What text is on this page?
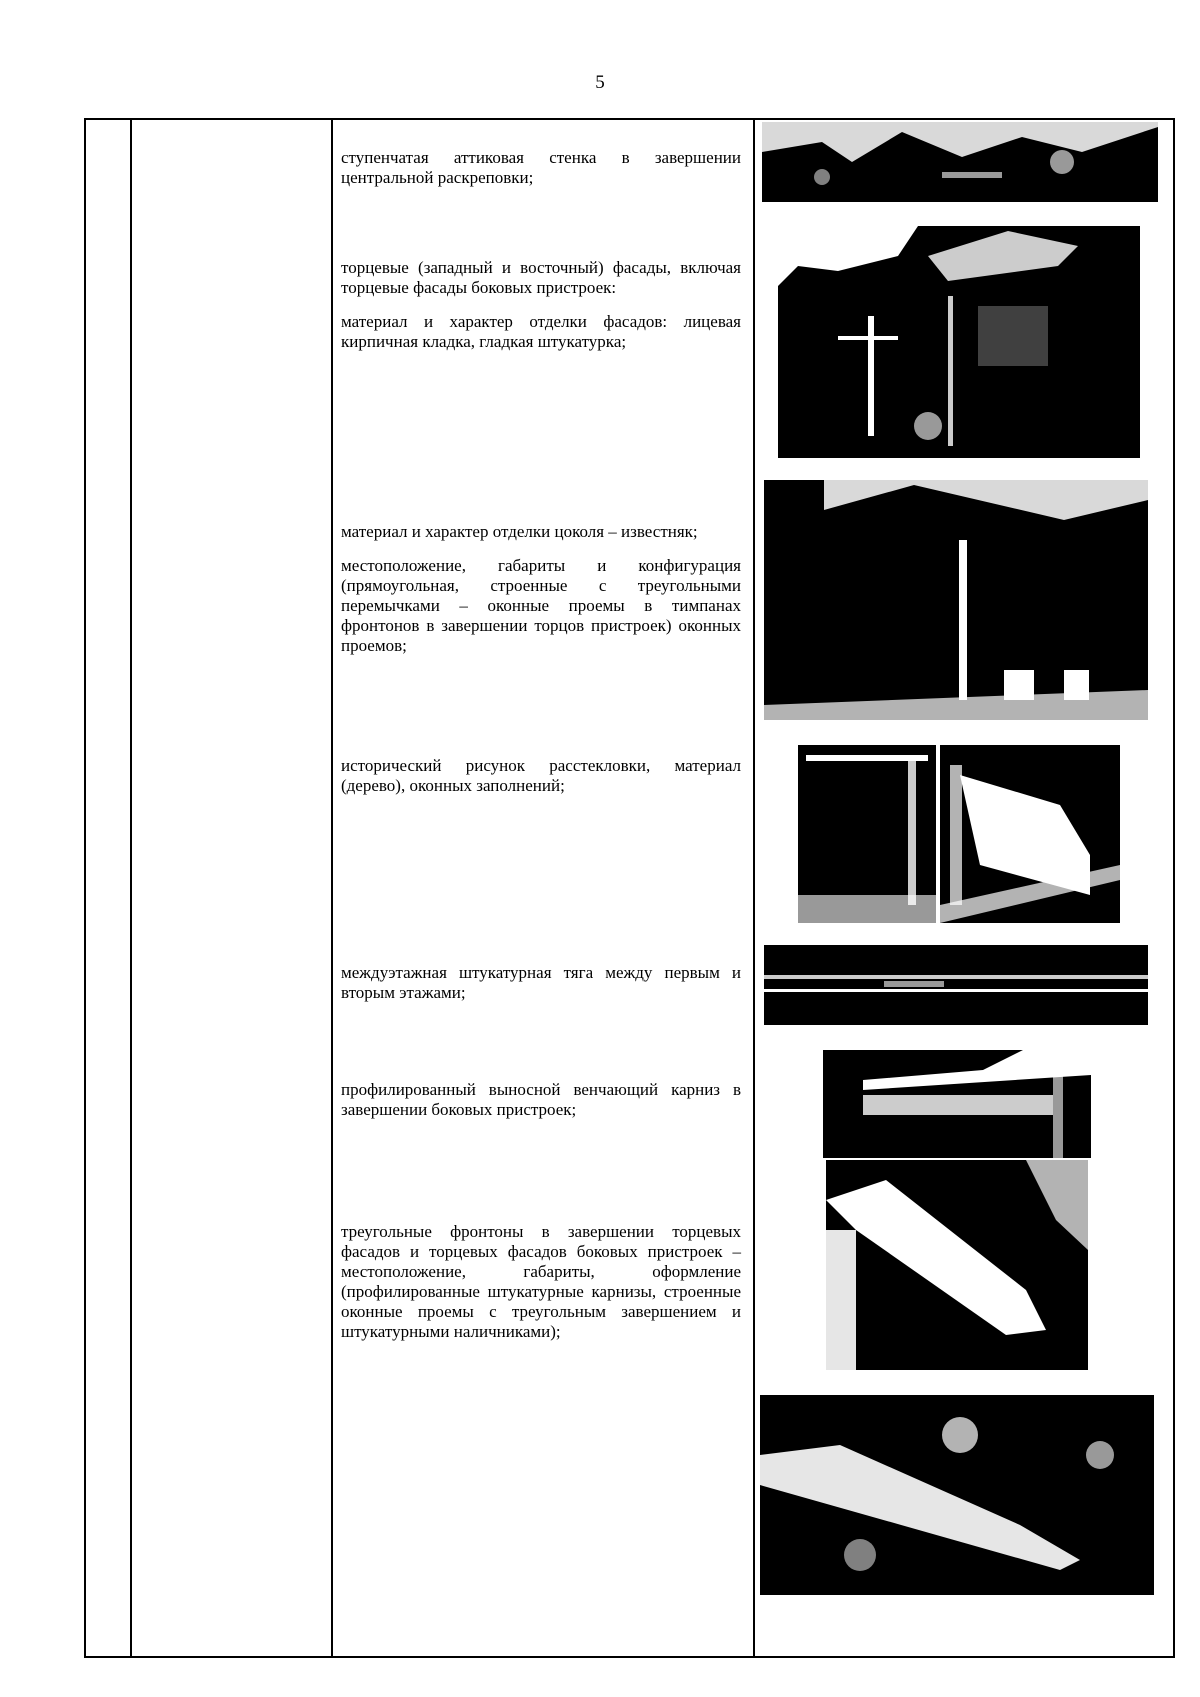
5

ступенчатая аттиковая стенка в завершении центральной раскреповки;

торцевые (западный и восточный) фасады, включая торцевые фасады боковых пристроек:

материал и характер отделки фасадов: лицевая кирпичная кладка, гладкая штукатурка;

материал и характер отделки цоколя – известняк;

местоположение, габариты и конфигурация (прямоугольная, строенные с треугольными перемычками – оконные проемы в тимпанах фронтонов в завершении торцов пристроек) оконных проемов;

исторический рисунок расстекловки, материал (дерево), оконных заполнений;

междуэтажная штукатурная тяга между первым и вторым этажами;

профилированный выносной венчающий карниз в завершении боковых пристроек;

треугольные фронтоны в завершении торцевых фасадов и торцевых фасадов боковых пристроек – местоположение, габариты, оформление (профилированные штукатурные карнизы, строенные оконные проемы с треугольным завершением и штукатурными наличниками);
